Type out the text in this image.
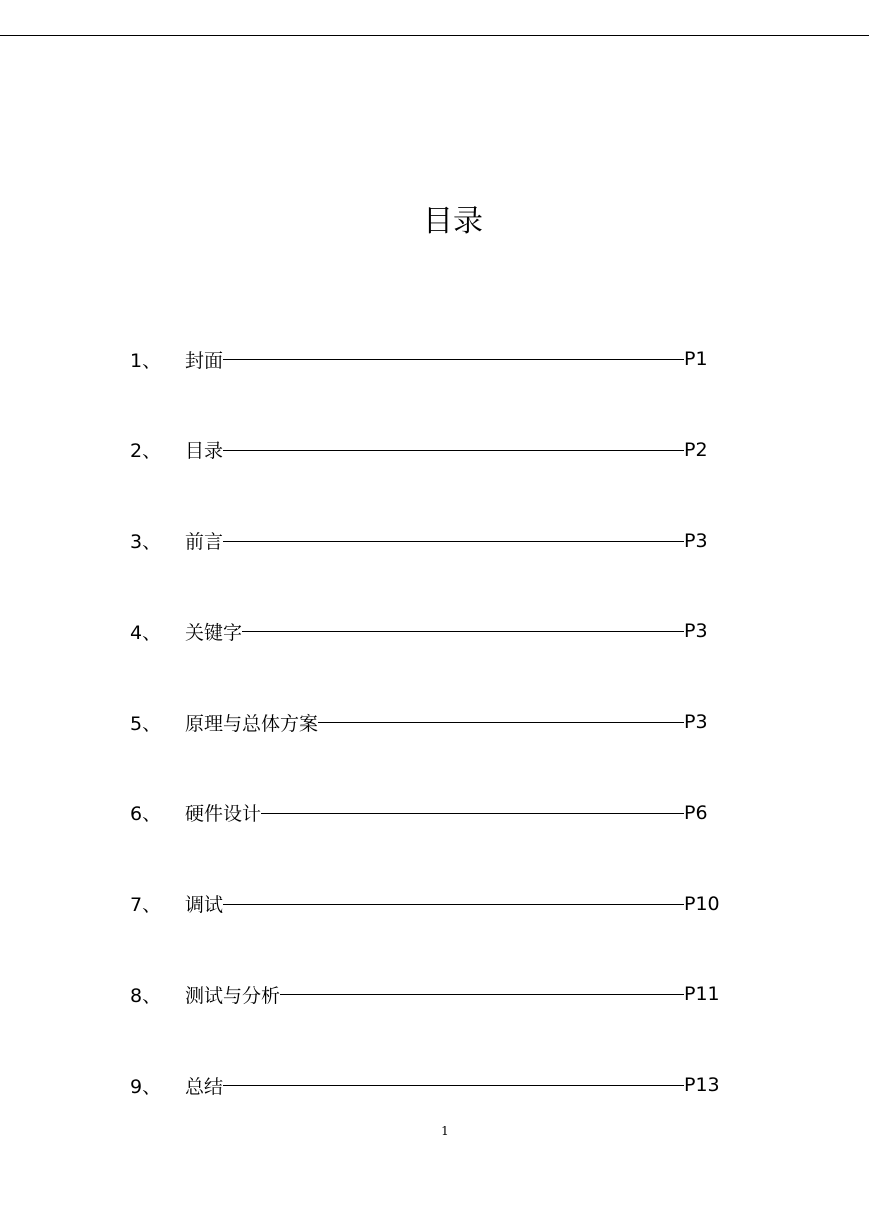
目录
1、	封面	P1
2、	目录	P2
3、	前言	P3
4、	关键字	P3
5、	原理与总体方案	P3
6、	硬件设计	P6
7、	调试	P10
8、	测试与分析	P11
9、	总结	P13
1
